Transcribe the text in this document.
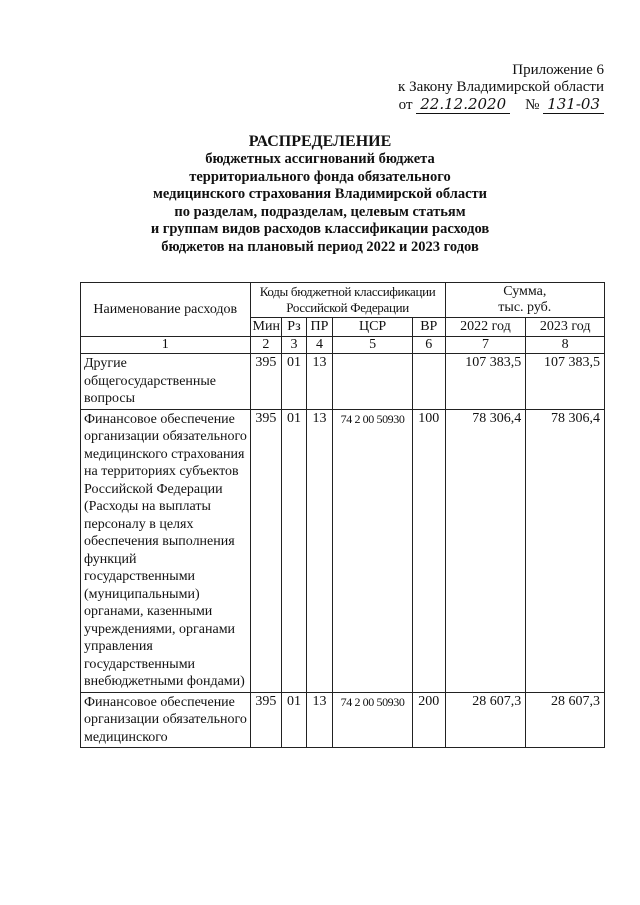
Приложение 6
к Закону Владимирской области
от 22.12.2020 № 131-03
РАСПРЕДЕЛЕНИЕ
бюджетных ассигнований бюджета
территориального фонда обязательного
медицинского страхования Владимирской области
по разделам, подразделам, целевым статьям
и группам видов расходов классификации расходов
бюджетов на плановый период 2022 и 2023 годов
Наименование расходов	Коды бюджетной классификации Российской Федерации					Сумма,
тыс. руб.	

	Мин	Рз	ПР	ЦСР	ВР	2022 год	2023 год
1	2	3	4	5	6	7	8
Другие общегосударственные вопросы	395	01	13			107 383,5	107 383,5
Финансовое обеспечение организации обязательного медицинского страхования на территориях субъектов Российской Федерации (Расходы на выплаты персоналу в целях обеспечения выполнения функций государственными (муниципальными) органами, казенными учреждениями, органами управления государственными внебюджетными фондами)	395	01	13	74 2 00 50930	100	78 306,4	78 306,4
Финансовое обеспечение организации обязательного медицинского	395	01	13	74 2 00 50930	200	28 607,3	28 607,3
